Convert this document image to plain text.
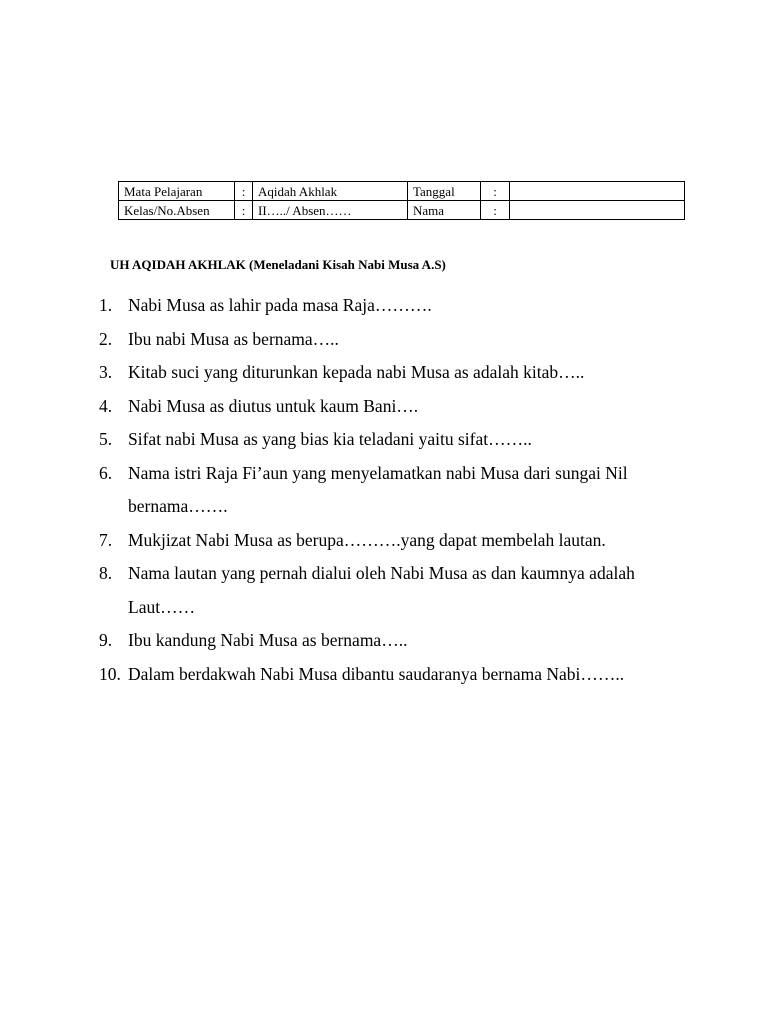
Mata Pelajaran	:	Aqidah Akhlak	Tanggal	:	
Kelas/No.Absen	:	II…../ Absen……	Nama	:	
UH AQIDAH AKHLAK (Meneladani Kisah Nabi Musa A.S)
1. Nabi Musa as lahir pada masa Raja……….
2. Ibu nabi Musa as bernama…..
3. Kitab suci yang diturunkan kepada nabi Musa as adalah kitab…..
4. Nabi Musa as diutus untuk kaum Bani….
5. Sifat nabi Musa as yang bias kia teladani yaitu sifat……..
6. Nama istri Raja Fi’aun yang menyelamatkan nabi Musa dari sungai Nil bernama…….
7. Mukjizat Nabi Musa as berupa……….yang dapat membelah lautan.
8. Nama lautan yang pernah dialui oleh Nabi Musa as dan kaumnya adalah Laut……
9. Ibu kandung Nabi Musa as bernama…..
10. Dalam berdakwah Nabi Musa dibantu saudaranya bernama Nabi……..
